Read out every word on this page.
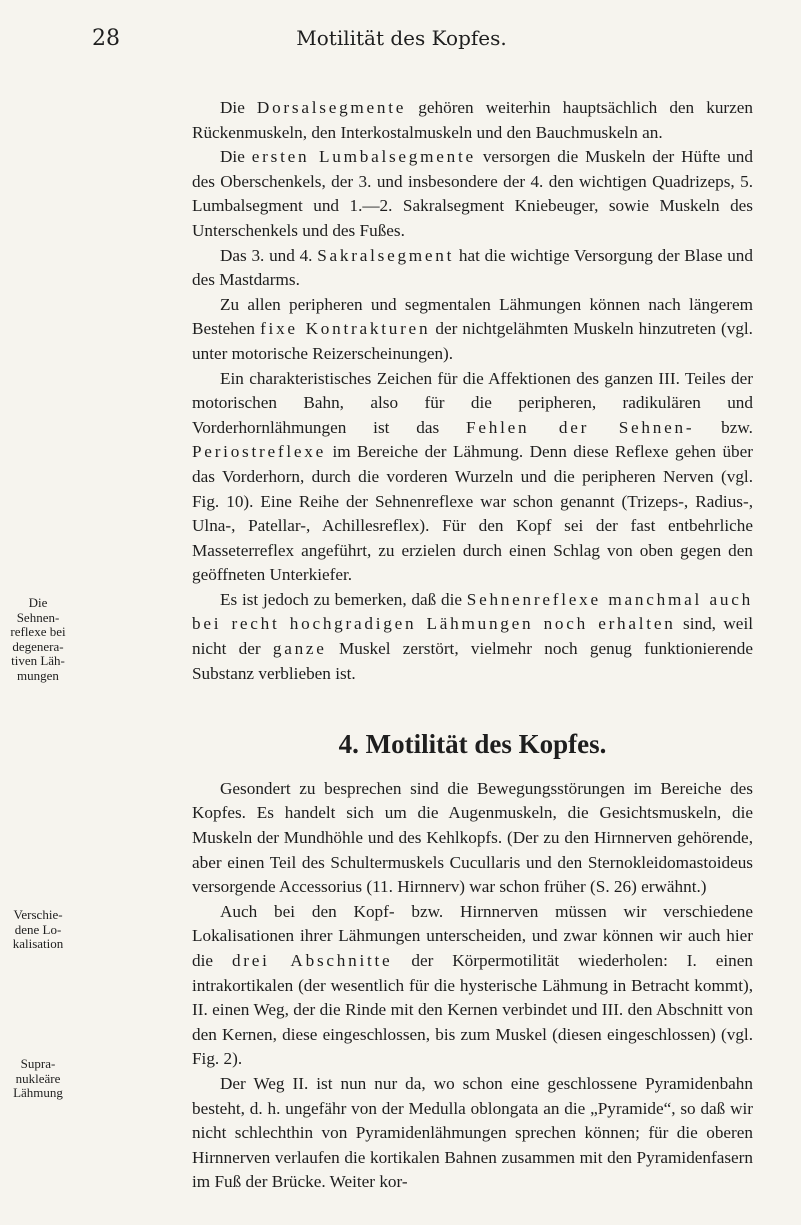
28	Motilität des Kopfes.

Die Dorsalsegmente gehören weiterhin hauptsächlich den kurzen Rückenmuskeln, den Interkostalmuskeln und den Bauchmuskeln an.

Die ersten Lumbalsegmente versorgen die Muskeln der Hüfte und des Oberschenkels, der 3. und insbesondere der 4. den wichtigen Quadrizeps, 5. Lumbalsegment und 1.—2. Sakralsegment Kniebeuger, sowie Muskeln des Unterschenkels und des Fußes.

Das 3. und 4. Sakralsegment hat die wichtige Versorgung der Blase und des Mastdarms.

Zu allen peripheren und segmentalen Lähmungen können nach längerem Bestehen fixe Kontrakturen der nichtgelähmten Muskeln hinzutreten (vgl. unter motorische Reizerscheinungen).

Ein charakteristisches Zeichen für die Affektionen des ganzen III. Teiles der motorischen Bahn, also für die peripheren, radikulären und Vorderhornlähmungen ist das Fehlen der Sehnen- bzw. Periostreflexe im Bereiche der Lähmung. Denn diese Reflexe gehen über das Vorderhorn, durch die vorderen Wurzeln und die peripheren Nerven (vgl. Fig. 10). Eine Reihe der Sehnenreflexe war schon genannt (Trizeps-, Radius-, Ulna-, Patellar-, Achillesreflex). Für den Kopf sei der fast entbehrliche Masseterreflex angeführt, zu erzielen durch einen Schlag von oben gegen den geöffneten Unterkiefer.

Es ist jedoch zu bemerken, daß die Sehnenreflexe manchmal auch bei recht hochgradigen Lähmungen noch erhalten sind, weil nicht der ganze Muskel zerstört, vielmehr noch genug funktionierende Substanz verblieben ist.

4. Motilität des Kopfes.

Gesondert zu besprechen sind die Bewegungsstörungen im Bereiche des Kopfes. Es handelt sich um die Augenmuskeln, die Gesichtsmuskeln, die Muskeln der Mundhöhle und des Kehlkopfs. (Der zu den Hirnnerven gehörende, aber einen Teil des Schultermuskels Cucullaris und den Sternokleidomastoideus versorgende Accessorius (11. Hirnnerv) war schon früher (S. 26) erwähnt.)

Auch bei den Kopf- bzw. Hirnnerven müssen wir verschiedene Lokalisationen ihrer Lähmungen unterscheiden, und zwar können wir auch hier die drei Abschnitte der Körpermotilität wiederholen: I. einen intrakortikalen (der wesentlich für die hysterische Lähmung in Betracht kommt), II. einen Weg, der die Rinde mit den Kernen verbindet und III. den Abschnitt von den Kernen, diese eingeschlossen, bis zum Muskel (diesen eingeschlossen) (vgl. Fig. 2).

Der Weg II. ist nun nur da, wo schon eine geschlossene Pyramidenbahn besteht, d. h. ungefähr von der Medulla oblongata an die „Pyramide“, so daß wir nicht schlechthin von Pyramidenlähmungen sprechen können; für die oberen Hirnnerven verlaufen die kortikalen Bahnen zusammen mit den Pyramidenfasern im Fuß der Brücke. Weiter kor-

Die
Sehnen-
reflexe bei
degenera-
tiven Läh-
mungen
Verschie-
dene Lo-
kalisation
Supra-
nukleäre
Lähmung
